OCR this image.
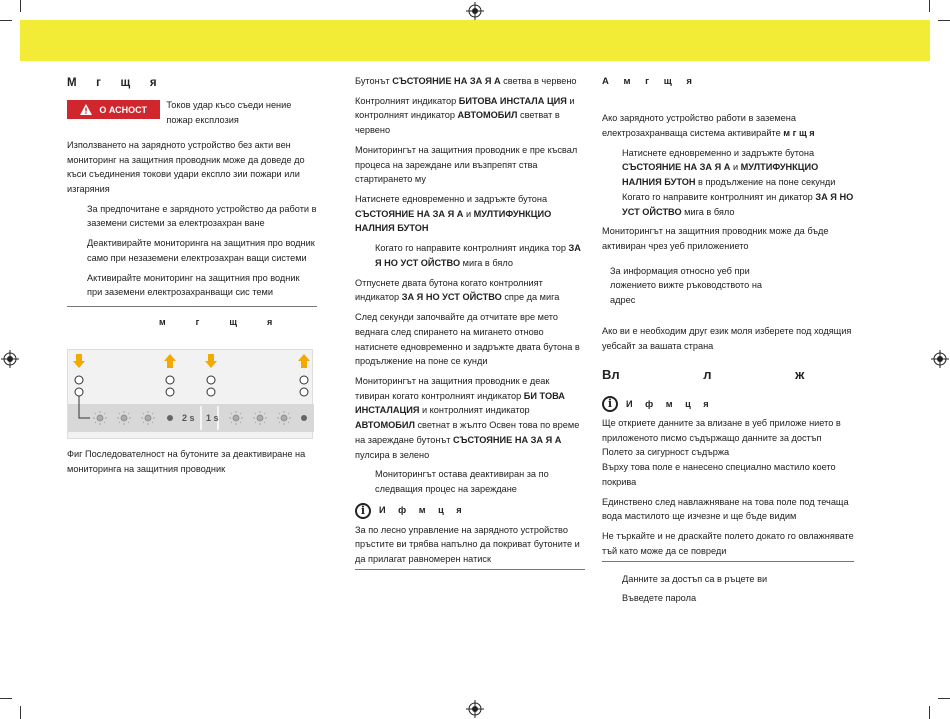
М г щ я
О АСНОСТ	Токов удар късо съеди нение пожар експлозия

Използването на зарядното устройство без акти вен мониторинг на защитния проводник може да доведе до къси съединения токови удари експло зии пожари или изгаряния

За предпочитане е зарядното устройство да работи в заземени системи за електрозахран ване

Деактивирайте мониторинга на защитния про водник само при незаземени електрозахран ващи системи

Активирайте мониторинг на защитния про водник при заземени електрозахранващи сис теми

м	г	щ	я
2 s 1 s

Фиг Последователност на бутоните за деактивиране на мониторинга на защитния проводник

Бутонът СЪСТОЯНИЕ НА ЗА Я А светва в червено

Контролният индикатор БИТОВА ИНСТАЛА ЦИЯ и контролният индикатор АВТОМОБИЛ светват в червено

Мониторингът на защитния проводник е пре късвал процеса на зареждане или възпрепят ства стартирането му

Натиснете едновременно и задръжте бутона СЪСТОЯНИЕ НА ЗА Я А и МУЛТИФУНКЦИО НАЛНИЯ БУТОН

Когато го направите контролният индика тор ЗА Я НО УСТ ОЙСТВО мига в бяло

Отпуснете двата бутона когато контролният индикатор ЗА Я НО УСТ ОЙСТВО спре да мига

След секунди започвайте да отчитате вре мето веднага след спирането на мигането отново натиснете едновременно и задръжте двата бутона в продължение на поне се кунди

Мониторингът на защитния проводник е деак тивиран когато контролният индикатор БИ ТОВА ИНСТАЛАЦИЯ и контролният индикатор АВТОМОБИЛ светнат в жълто Освен това по време на зареждане бутонът СЪСТОЯНИЕ НА ЗА Я А пулсира в зелено

Мониторингът остава деактивиран за по следващия процес на зареждане

i	И ф м ц я

За по лесно управление на зарядното устройство пръстите ви трябва напълно да покриват бутоните и да прилагат равномерен натиск

А м г щ я

Ако зарядното устройство работи в заземена електрозахранваща система активирайте м г щ я

Натиснете едновременно и задръжте бутона СЪСТОЯНИЕ НА ЗА Я А и МУЛТИФУНКЦИО НАЛНИЯ БУТОН в продължение на поне секунди Когато го направите контролният ин дикатор ЗА Я НО УСТ ОЙСТВО мига в бяло

Мониторингът на защитния проводник може да бъде активиран чрез уеб приложението

За информация относно уеб при ложението вижте ръководството на адрес

Ако ви е необходим друг език моля изберете под ходящия уебсайт за вашата страна

Вл л ж
i	И ф м ц я

Ще откриете данните за влизане в уеб приложе нието в приложеното писмо съдържащо данните за достъп Полето за сигурност съдържа

Върху това поле е нанесено специално мастило което покрива

Единствено след навлажняване на това поле под течаща вода мастилото ще изчезне и ще бъде видим

Не търкайте и не драскайте полето докато го овлажнявате тъй като може да се повреди

Данните за достъп са в ръцете ви

Въведете парола
